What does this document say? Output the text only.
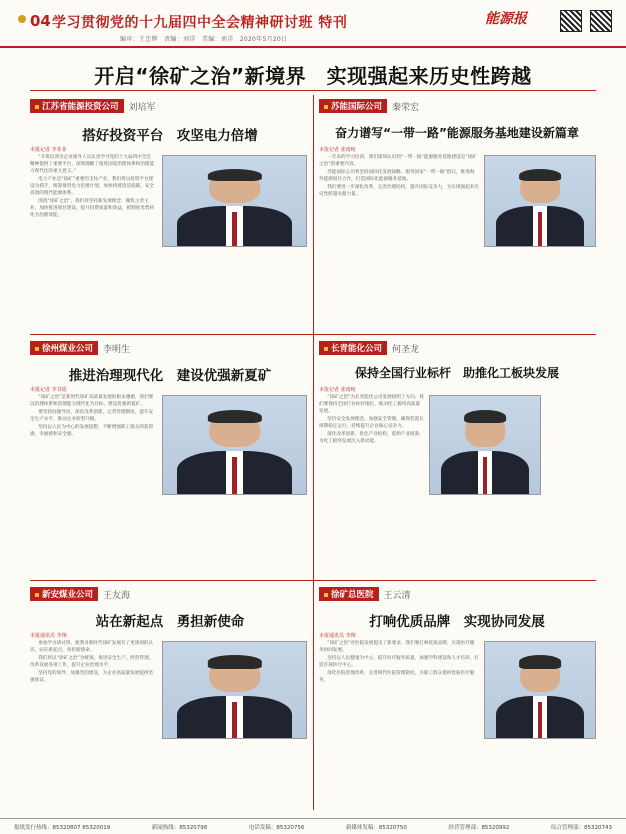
04 学习贯彻党的十九届四中全会精神研讨班 特刊
编审：王忠辉　责编：刘洋　美编：刘洋　2020年5月20日
能源报
开启“徐矿之治”新境界　实现强起来历史性跨越
江苏省能源投资公司	刘培军
搭好投资平台　攻坚电力倍增
本报记者 李菲菲

“开班培训为企业领导人员认真学习党的十九届四中全会精神提供了重要平台，深刻理解了推进国家治理体系和治理能力现代化的重大意义。”

电力产业是“徐矿”重要的支柱产业，我们将以投资平台建设为抓手，统筹推进电力倍增计划，加快构建清洁低碳、安全高效的现代能源体系。

围绕“徐矿之治”，我们将坚持新发展理念，聚焦主责主业，加快推进项目建设，提升投资质量和效益，把制度优势转化为治理效能。

苏能国际公司	秦荣宏
奋力谱写“一带一路”能源服务基地建设新篇章
本报记者 张雨纯

一年来的学习培训，我们深刻认识到“一带一路”能源服务基地建设是“徐矿之治”的重要内容。

苏能国际公司将坚持国际化发展战略，服务国家“一带一路”倡议，推进海外能源项目合作，打造国际化能源服务基地。

我们要进一步深化改革，完善治理结构，提升国际竞争力，为实现强起来历史性跨越贡献力量。

徐州煤业公司	李明生
推进治理现代化　建设优强新夏矿
本报记者 李书瑶

“徐矿之治”是新时代徐矿高质量发展的根本遵循，我们要以治理体系和治理能力现代化为目标，建设优强新夏矿。

要坚持问题导向，深化改革创新，完善管理制度，提升安全生产水平，推动企业转型升级。

坚持以人民为中心的发展思想，不断增强职工群众的获得感、幸福感和安全感。

长青能化公司	何圣龙
保持全国行业标杆　助推化工板块发展
本报记者 张雨纯

“徐矿之治”为长青能化公司发展指明了方向。我们要保持全国行业标杆地位，推动化工板块高质量发展。

坚持安全发展理念，加强安全管理，确保装置长周期稳定运行，持续提升企业核心竞争力。

深化改革创新，优化产业结构，延伸产业链条，为化工板块发展注入新动能。

新安煤业公司	王友海
站在新起点　勇担新使命
本报通讯员 李翔

参加学习研讨班，使我对新时代徐矿发展有了更深刻的认识，站在新起点，勇担新使命。

我们将以“徐矿之治”为统领，推进安全生产、经营管理、改革发展各项工作，提升企业治理水平。

坚持党的领导，加强党的建设，为企业高质量发展提供坚强保证。

徐矿总医院	王云清
打响优质品牌　实现协同发展
本报通讯员 李翔

“徐矿之治”对医院发展提出了新要求，我们要打响优质品牌，实现医疗服务协同发展。

坚持以人民健康为中心，提升医疗服务质量，加强学科建设和人才培养，打造区域医疗中心。

深化医院管理改革，完善现代医院管理制度，为职工群众提供优质医疗服务。

报纸发行热线：85320807 85320019	新闻热线：85320798	电话发稿：85320756	新媒体发稿：85320750	经营管理部：85320992	综合管理部：85320743
